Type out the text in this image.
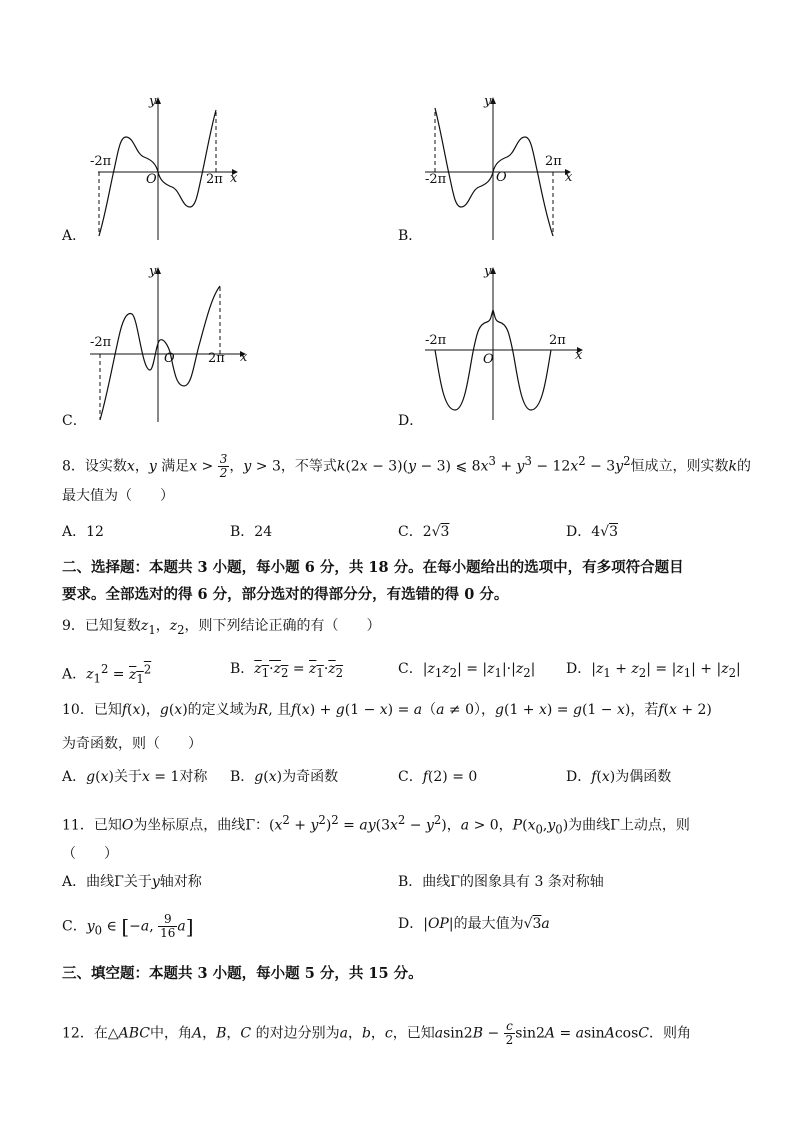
y
-2π
O	2π x
A．
y
-2π	O
2π
x
B．
y
-2π
O	2π x
C．
y
-2π
O
2π
x
D．
8．设实数x，y 满足$x > \frac{3}{2}$ ，y > 3，不等式k(2x − 3)(y − 3) ⩽ $8x^3 + y^3 - 12x^2 - 3y^2$恒成立，则实数k的
最大值为（　　）
A．12	B．24	C．2√3	D．4√3
二、选择题：本题共 3 小题，每小题 6 分，共 18 分。在每小题给出的选项中，有多项符合题目
要求。全部选对的得 6 分，部分选对的得部分分，有选错的得 0 分。
9．已知复数$z_1$，$z_2$，则下列结论正确的有（　　）
A．$z_1^2 = z_1^2$	B．$z_1\cdot z_2 = z_1\cdot z_2$	C．$|z_1z_2| = |z_1|\cdot|z_2|$ D．$|z_1 + z_2| = |z_1| + |z_2|$
10．已知f(x)，g(x)的定义域为R, 且f(x) + g(1 − x) = a（a ≠ 0），g(1 + x) = g(1 − x)，若f(x + 2)
为奇函数，则（　　）
A．g(x)关于x = 1对称 B．g(x)为奇函数	C．f(2) = 0	D．f(x)为偶函数
11．已知O为坐标原点，曲线Γ：$(x^2 + y^2)^2 = ay(3x^2 - y^2)$，a > 0，$P(x_0,y_0)$为曲线Γ上动点，则
（　　）
A．曲线Γ关于y轴对称	B．曲线Γ的图象具有 3 条对称轴
C．$y_0$ ∈ [−a, $\frac{9}{16} a$]	D．|OP|的最大值为√3a
三、填空题：本题共 3 小题，每小题 5 分，共 15 分。
12．在△ABC中，角A，B，C 的对边分别为a，b，c，已知$asin2B - \frac{c}{2} \sin 2A$ = asinAcosC．则角
